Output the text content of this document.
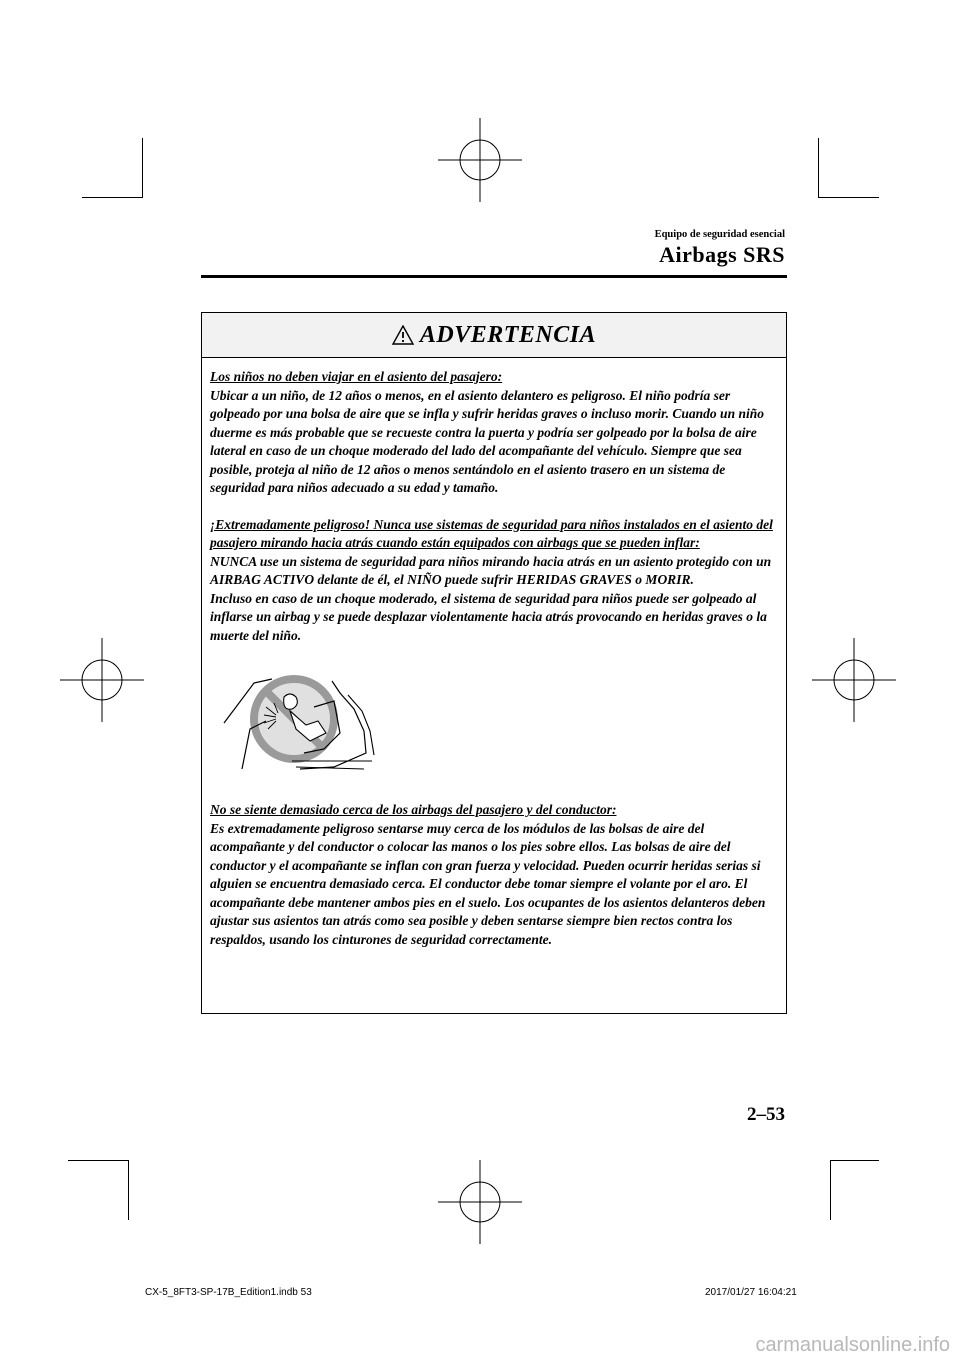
Equipo de seguridad esencial
Airbags SRS
ADVERTENCIA

Los niños no deben viajar en el asiento del pasajero:

Ubicar a un niño, de 12 años o menos, en el asiento delantero es peligroso. El niño podría ser golpeado por una bolsa de aire que se infla y sufrir heridas graves o incluso morir. Cuando un niño duerme es más probable que se recueste contra la puerta y podría ser golpeado por la bolsa de aire lateral en caso de un choque moderado del lado del acompañante del vehículo. Siempre que sea posible, proteja al niño de 12 años o menos sentándolo en el asiento trasero en un sistema de seguridad para niños adecuado a su edad y tamaño.

¡Extremadamente peligroso! Nunca use sistemas de seguridad para niños instalados en el asiento del pasajero mirando hacia atrás cuando están equipados con airbags que se pueden inflar:

NUNCA use un sistema de seguridad para niños mirando hacia atrás en un asiento protegido con un AIRBAG ACTIVO delante de él, el NIÑO puede sufrir HERIDAS GRAVES o MORIR.

Incluso en caso de un choque moderado, el sistema de seguridad para niños puede ser golpeado al inflarse un airbag y se puede desplazar violentamente hacia atrás provocando en heridas graves o la muerte del niño.

No se siente demasiado cerca de los airbags del pasajero y del conductor:

Es extremadamente peligroso sentarse muy cerca de los módulos de las bolsas de aire del acompañante y del conductor o colocar las manos o los pies sobre ellos. Las bolsas de aire del conductor y el acompañante se inflan con gran fuerza y velocidad. Pueden ocurrir heridas serias si alguien se encuentra demasiado cerca. El conductor debe tomar siempre el volante por el aro. El acompañante debe mantener ambos pies en el suelo. Los ocupantes de los asientos delanteros deben ajustar sus asientos tan atrás como sea posible y deben sentarse siempre bien rectos contra los respaldos, usando los cinturones de seguridad correctamente.

2–53
CX-5_8FT3-SP-17B_Edition1.indb 53	2017/01/27 16:04:21
carmanualsonline.info
